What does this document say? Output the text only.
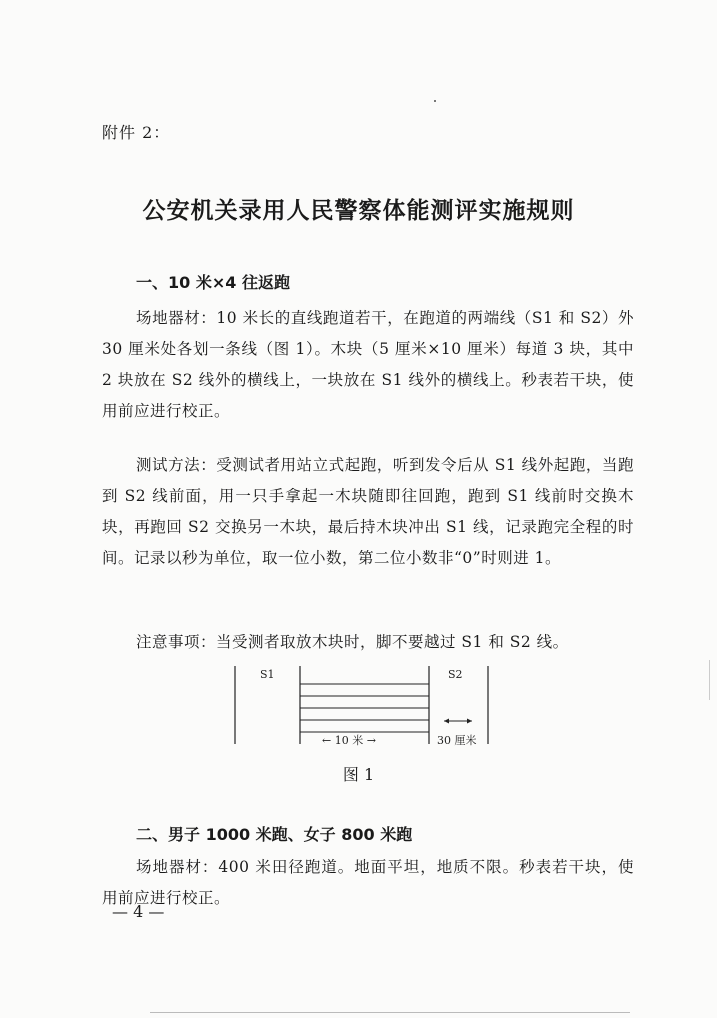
附件 2：
公安机关录用人民警察体能测评实施规则
一、10 米×4 往返跑

场地器材：10 米长的直线跑道若干，在跑道的两端线（S1 和 S2）外 30 厘米处各划一条线（图 1）。木块（5 厘米×10 厘米）每道 3 块，其中 2 块放在 S2 线外的横线上，一块放在 S1 线外的横线上。秒表若干块，使用前应进行校正。

测试方法：受测试者用站立式起跑，听到发令后从 S1 线外起跑，当跑到 S2 线前面，用一只手拿起一木块随即往回跑，跑到 S1 线前时交换木块，再跑回 S2 交换另一木块，最后持木块冲出 S1 线，记录跑完全程的时间。记录以秒为单位，取一位小数，第二位小数非“0”时则进 1。

注意事项：当受测者取放木块时，脚不要越过 S1 和 S2 线。

S1	S2
← 10 米 →	30 厘米
图 1
二、男子 1000 米跑、女子 800 米跑

场地器材：400 米田径跑道。地面平坦，地质不限。秒表若干块，使用前应进行校正。

— 4 —
